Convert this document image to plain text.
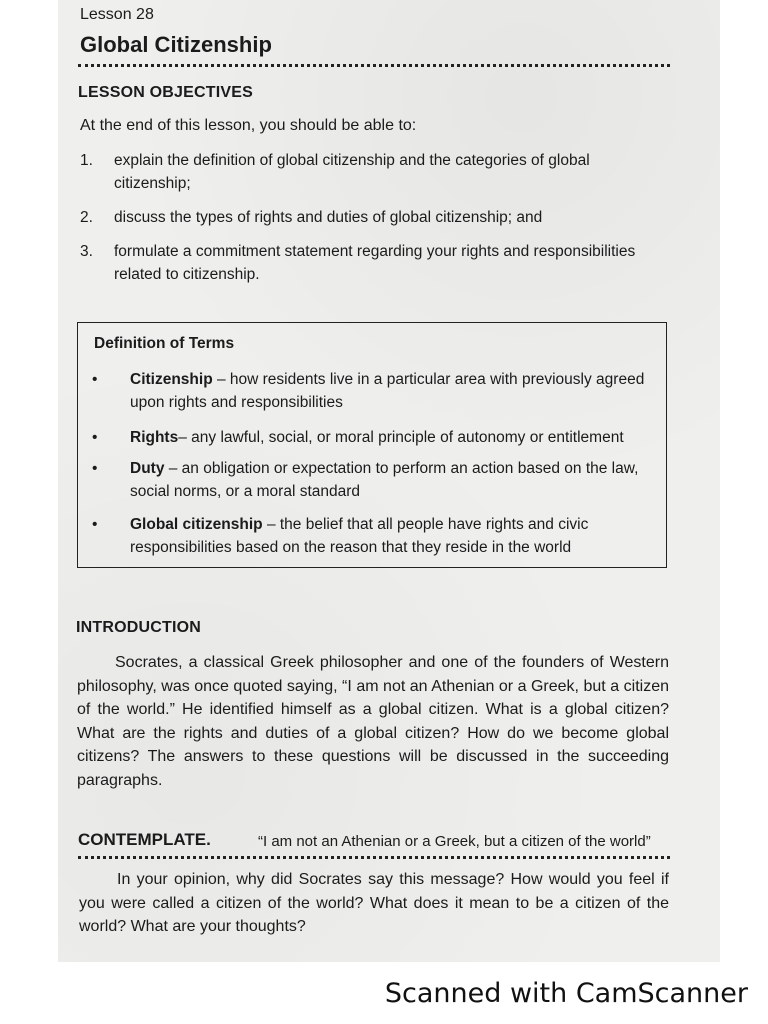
Lesson 28
Global Citizenship
LESSON OBJECTIVES
At the end of this lesson, you should be able to:
1.	explain the definition of global citizenship and the categories of global citizenship;
2.	discuss the types of rights and duties of global citizenship; and
3.	formulate a commitment statement regarding your rights and responsibilities related to citizenship.
Definition of Terms
• Citizenship – how residents live in a particular area with previously agreed upon rights and responsibilities
• Rights– any lawful, social, or moral principle of autonomy or entitlement
• Duty – an obligation or expectation to perform an action based on the law, social norms, or a moral standard
• Global citizenship – the belief that all people have rights and civic responsibilities based on the reason that they reside in the world
INTRODUCTION
Socrates, a classical Greek philosopher and one of the founders of Western philosophy, was once quoted saying, “I am not an Athenian or a Greek, but a citizen of the world.” He identified himself as a global citizen. What is a global citizen? What are the rights and duties of a global citizen? How do we become global citizens? The answers to these questions will be discussed in the succeeding paragraphs.
CONTEMPLATE.	“I am not an Athenian or a Greek, but a citizen of the world”
In your opinion, why did Socrates say this message? How would you feel if you were called a citizen of the world? What does it mean to be a citizen of the world? What are your thoughts?
Scanned with CamScanner
